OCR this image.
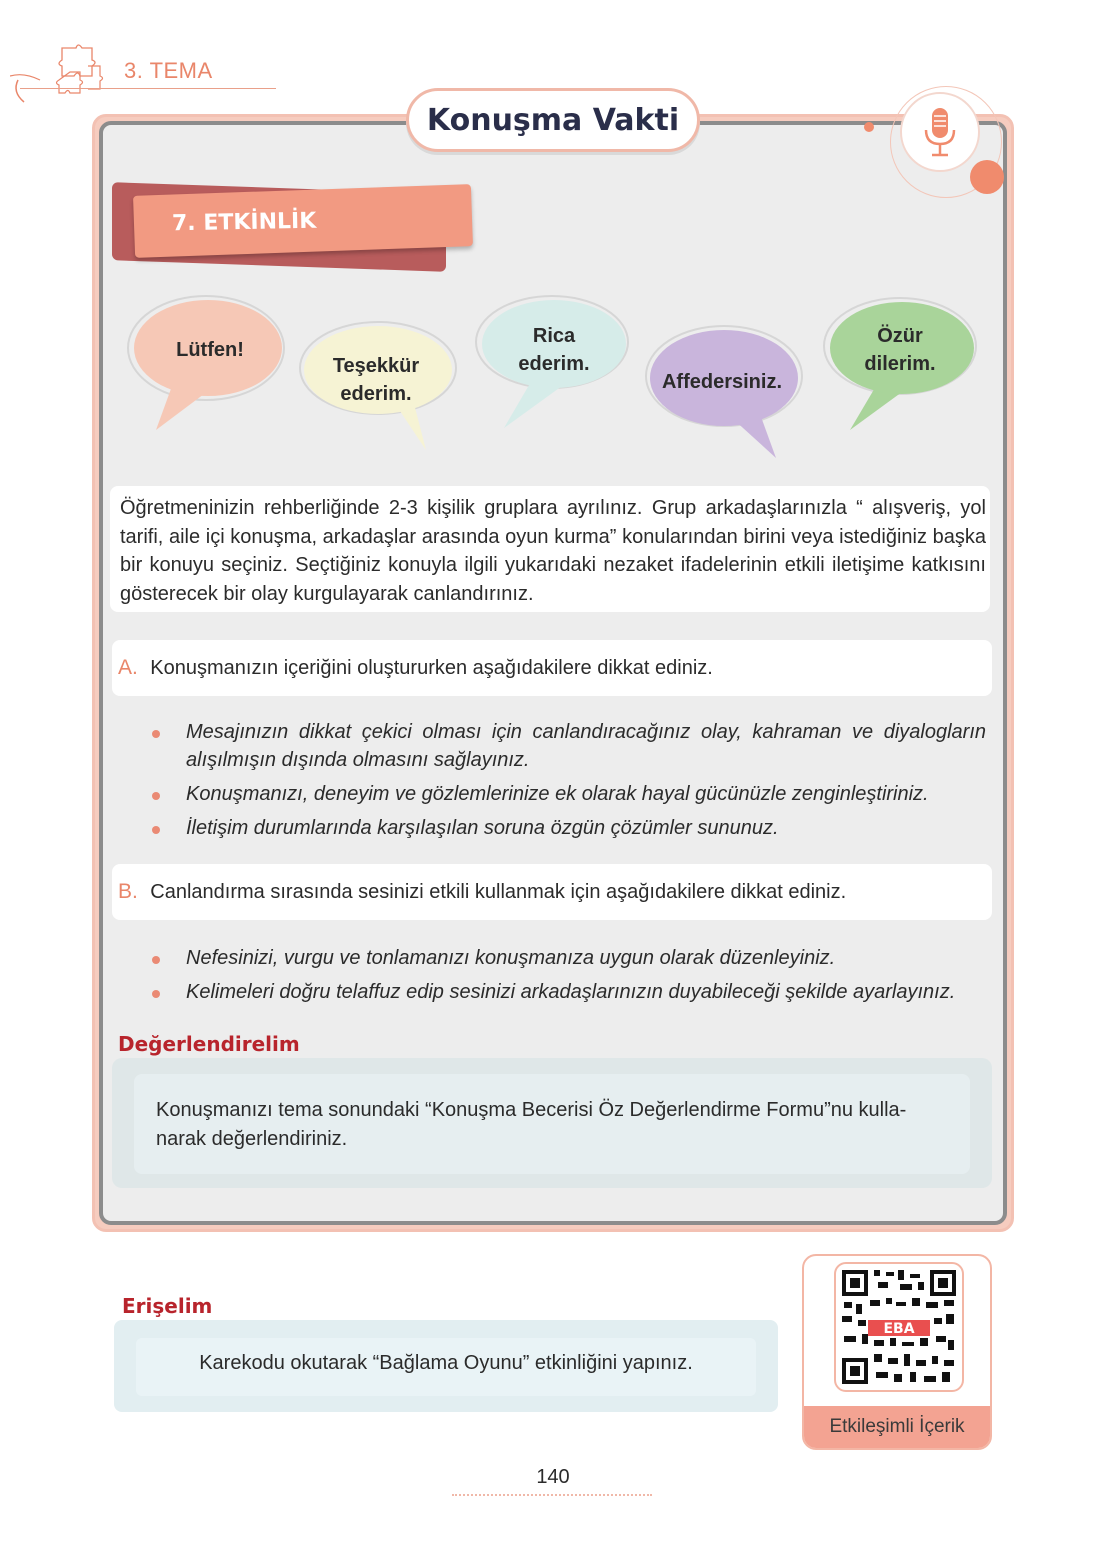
3. TEMA
Konuşma Vakti
7. ETKİNLİK
Lütfen!
Teşekkür ederim.
Rica ederim.
Affedersiniz.
Özür dilerim.
Öğretmeninizin rehberliğinde 2-3 kişilik gruplara ayrılınız. Grup arkadaşlarınızla “ alışveriş, yol tarifi, aile içi konuşma, arkadaşlar arasında oyun kurma” konularından birini veya istediğiniz başka bir konuyu seçiniz. Seçtiğiniz konuyla ilgili yukarıdaki nezaket ifadelerinin etkili iletişime katkısını gösterecek bir olay kurgulayarak canlandırınız.
A. Konuşmanızın içeriğini oluştururken aşağıdakilere dikkat ediniz.
Mesajınızın dikkat çekici olması için canlandıracağınız olay, kahraman ve diyalogların alışılmışın dışında olmasını sağlayınız.
Konuşmanızı, deneyim ve gözlemlerinize ek olarak hayal gücünüzle zenginleştiriniz.
İletişim durumlarında karşılaşılan soruna özgün çözümler sununuz.
B. Canlandırma sırasında sesinizi etkili kullanmak için aşağıdakilere dikkat ediniz.
Nefesinizi, vurgu ve tonlamanızı konuşmanıza uygun olarak düzenleyiniz.
Kelimeleri doğru telaffuz edip sesinizi arkadaşlarınızın duyabileceği şekilde ayarlayınız.
Değerlendirelim
Konuşmanızı tema sonundaki “Konuşma Becerisi Öz Değerlendirme Formu”nu kulla-narak değerlendiriniz.
Erişelim
Karekodu okutarak “Bağlama Oyunu” etkinliğini yapınız.
EBA
Etkileşimli İçerik
140
